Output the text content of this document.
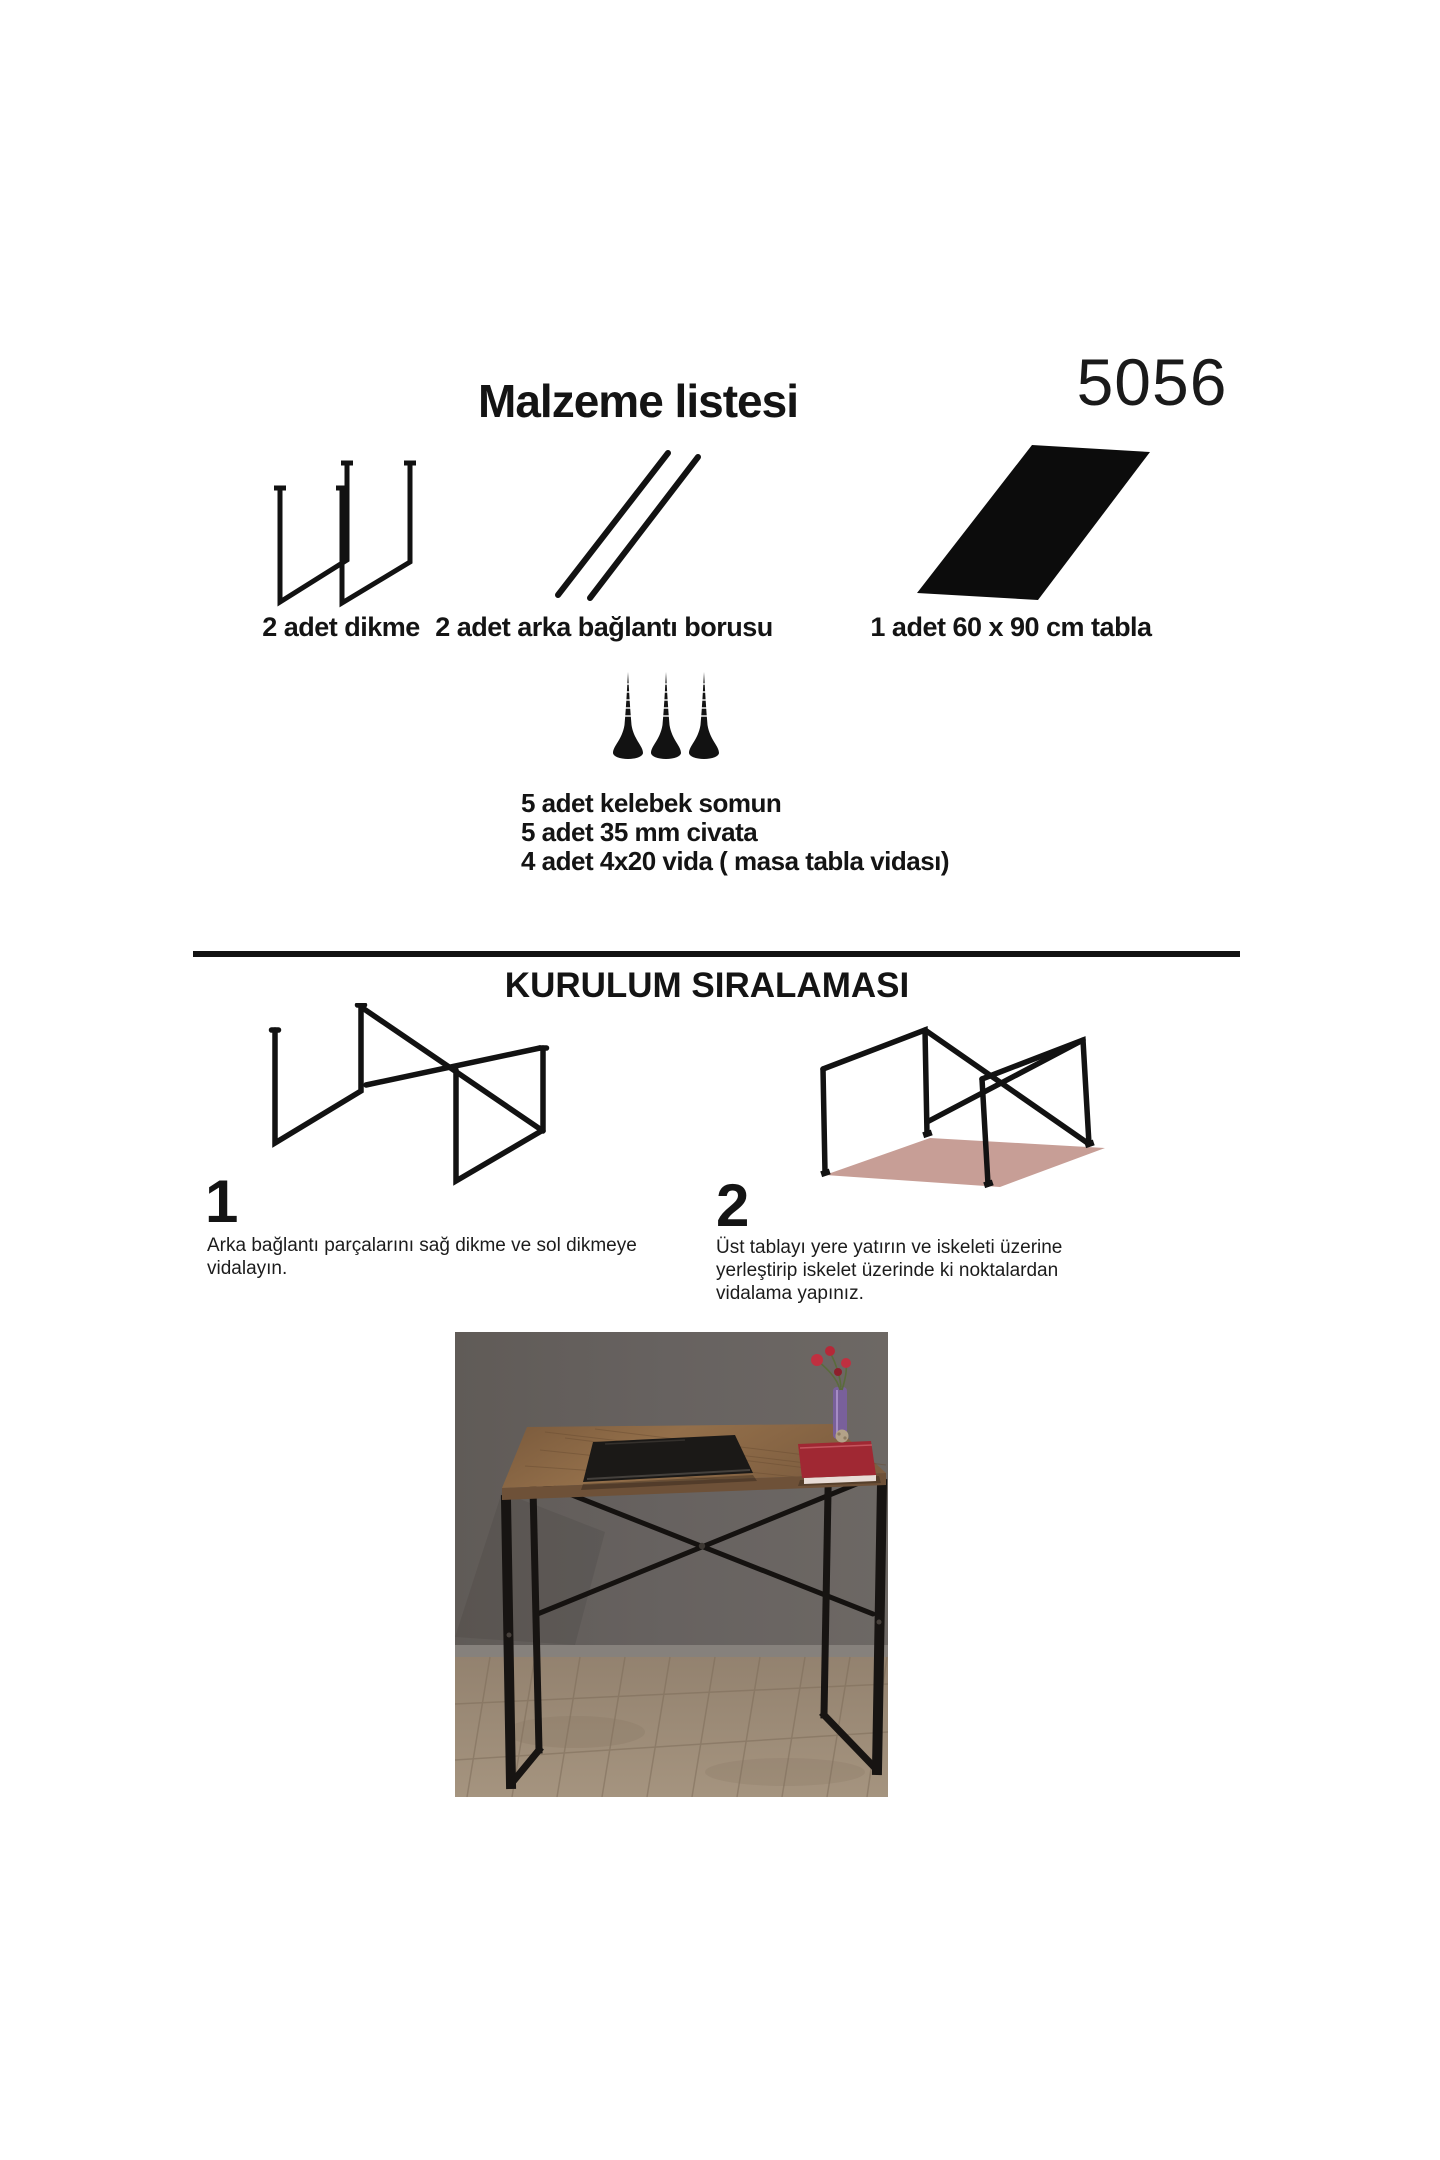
Malzeme listesi	5056
2 adet dikme 2 adet arka bağlantı borusu	1 adet 60 x 90 cm tabla
5 adet kelebek somun
5 adet 35 mm civata
4 adet 4x20 vida ( masa tabla vidası)
KURULUM SIRALAMASI
1
Arka bağlantı parçalarını sağ dikme ve sol dikmeye vidalayın.
2
Üst tablayı yere yatırın ve iskeleti üzerine yerleştirip iskelet üzerinde ki noktalardan vidalama yapınız.
